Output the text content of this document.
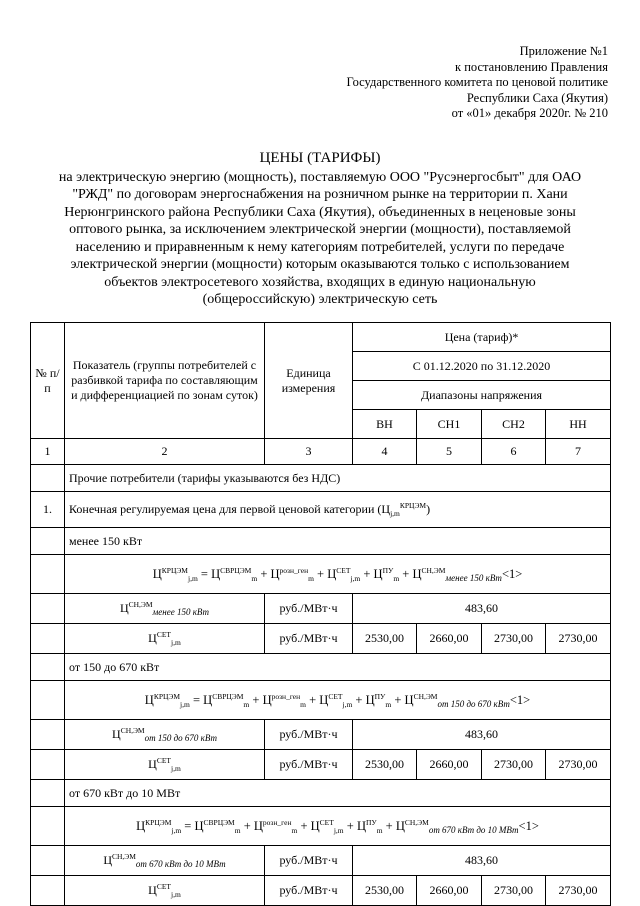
Приложение №1
к постановлению Правления
Государственного комитета по ценовой политике
Республики Саха (Якутия)
от «01» декабря 2020г. № 210
ЦЕНЫ (ТАРИФЫ)
на электрическую энергию (мощность), поставляемую ООО "Русэнергосбыт" для ОАО
"РЖД" по договорам энергоснабжения на розничном рынке на территории п. Хани
Нерюнгринского района Республики Саха (Якутия), объединенных в неценовые зоны
оптового рынка, за исключением электрической энергии (мощности), поставляемой
населению и приравненным к нему категориям потребителей, услуги по передаче
электрической энергии (мощности) которым оказываются только с использованием
объектов электросетевого хозяйства, входящих в единую национальную
(общероссийскую) электрическую сеть
№ п/п	Показатель (группы потребителей с разбивкой тарифа по составляющим и дифференциацией по зонам суток)	Единица измерения	Цена (тариф)*			
			С 01.12.2020 по 31.12.2020			
			Диапазоны напряжения			
			ВН	СН1	СН2	НН
1	2	3	4	5	6	7
	Прочие потребители (тарифы указываются без НДС)					
1.	Конечная регулируемая цена для первой ценовой категории $(Ц_{j,m}^{КРЦЭМ})$					
	менее 150 кВт					
	$Ц^{КРЦЭМ}_{j,m} = Ц^{СВРЦЭМ}_m + Ц^{розн\_ген}_m + Ц^{СЕТ}_{j,m} + Ц^{ПУ}_m + Ц^{СН,ЭМ}_{менее 150 кВт}<1>$					
	$Ц^{СН,ЭМ}_{менее 150 кВт}$	руб./МВт·ч	483,60			
	$Ц^{СЕТ}_{j,m}$	руб./МВт·ч	2530,00	2660,00	2730,00	2730,00
	от 150 до 670 кВт					
	$Ц^{КРЦЭМ}_{j,m} = Ц^{СВРЦЭМ}_m + Ц^{розн\_ген}_m + Ц^{СЕТ}_{j,m} + Ц^{ПУ}_m + Ц^{СН,ЭМ}_{от 150 до 670 кВт}<1>$					
	$Ц^{СН,ЭМ}_{от 150 до 670 кВт}$	руб./МВт·ч	483,60			
	$Ц^{СЕТ}_{j,m}$	руб./МВт·ч	2530,00	2660,00	2730,00	2730,00
	от 670 кВт до 10 МВт					
	$Ц^{КРЦЭМ}_{j,m} = Ц^{СВРЦЭМ}_m + Ц^{розн\_ген}_m + Ц^{СЕТ}_{j,m} + Ц^{ПУ}_m + Ц^{СН,ЭМ}_{от 670 кВт до 10 МВт}<1>$					
	$Ц^{СН,ЭМ}_{от 670 кВт до 10 МВт}$	руб./МВт·ч	483,60			
	$Ц^{СЕТ}_{j,m}$	руб./МВт·ч	2530,00	2660,00	2730,00	2730,00
